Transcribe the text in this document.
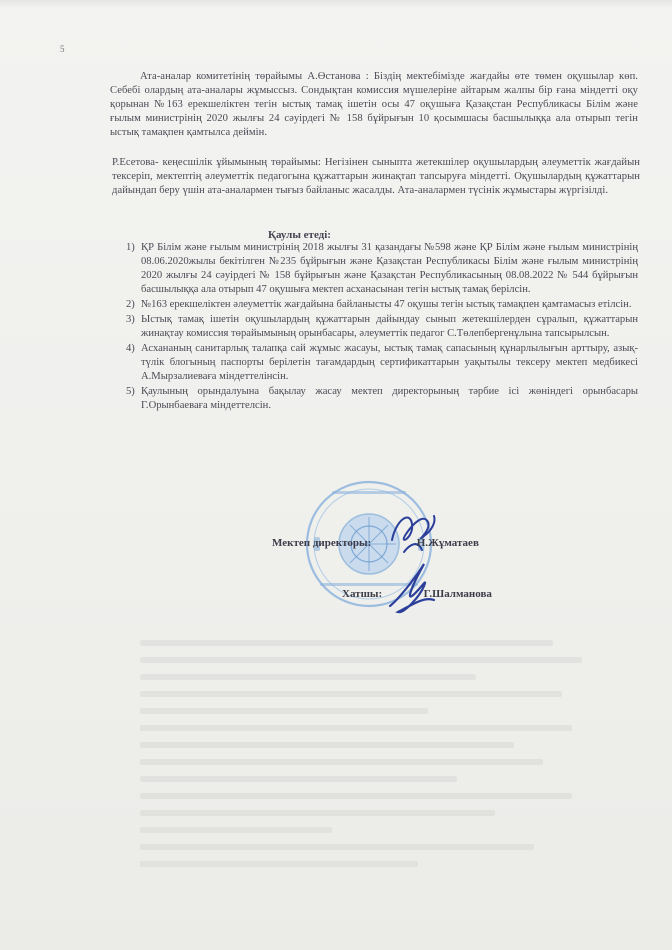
5
Ата-аналар комитетінің төрайымы А.Өстанова : Біздің мектебімізде жағдайы өте төмен оқушылар көп. Себебі олардың ата-аналары жұмыссыз. Сондықтан комиссия мүшелеріне айтарым жалпы бір ғана міндетті оқу қорынан №163 ерекшеліктен тегін ыстық тамақ ішетін осы 47 оқушыға Қазақстан Республикасы Білім және ғылым министрінің 2020 жылғы 24 сәуірдегі № 158 бұйрығын 10 қосымшасы басшылыққа ала отырып тегін ыстық тамақпен қамтылса деймін.
Р.Есетова- кеңесшілік ұйымының төрайымы: Негізінен сыныпта жетекшілер оқушылардың әлеуметтік жағдайын тексеріп, мектептің әлеуметтік педагогына құжаттарын жинақтап тапсыруға міндетті. Оқушылардың құжаттарын дайындап беру үшін ата-аналармен тығыз байланыс жасалды. Ата-аналармен түсінік жұмыстары жүргізілді.
Қаулы етеді:
1) ҚР Білім және ғылым министрінің 2018 жылғы 31 қазандағы №598 және ҚР Білім және ғылым министрінің 08.06.2020жылы бекітілген №235 бұйрығын және Қазақстан Республикасы Білім және ғылым министрінің 2020 жылғы 24 сәуірдегі № 158 бұйрығын және Қазақстан Республикасының 08.08.2022 № 544 бұйрығын басшылыққа ала отырып 47 оқушыға мектеп асханасынан тегін ыстық тамақ берілсін.
2) №163 ерекшеліктен әлеуметтік жағдайына байланысты 47 оқушы тегін ыстық тамақпен қамтамасыз етілсін.
3) Ыстық тамақ ішетін оқушылардың құжаттарын дайындау сынып жетекшілерден сұралып, құжаттарын жинақтау комиссия төрайымының орынбасары, әлеуметтік педагог С.Төлепбергенұлына тапсырылсын.
4) Асхананың санитарлық талапқа сай жұмыс жасауы, ыстық тамақ сапасының құнарлылығын арттыру, азық-түлік блогының паспорты берілетін тағамдардың сертификаттарын уақытылы тексеру мектеп медбикесі А.Мырзалиеваға міндеттелінсін.
5) Қаулының орындалуына бақылау жасау мектеп директорының тәрбие ісі жөніндегі орынбасары Г.Орынбаеваға міндеттелсін.
Мектеп директоры:	Н.Жұматаев
Хатшы:	Г.Шалманова
